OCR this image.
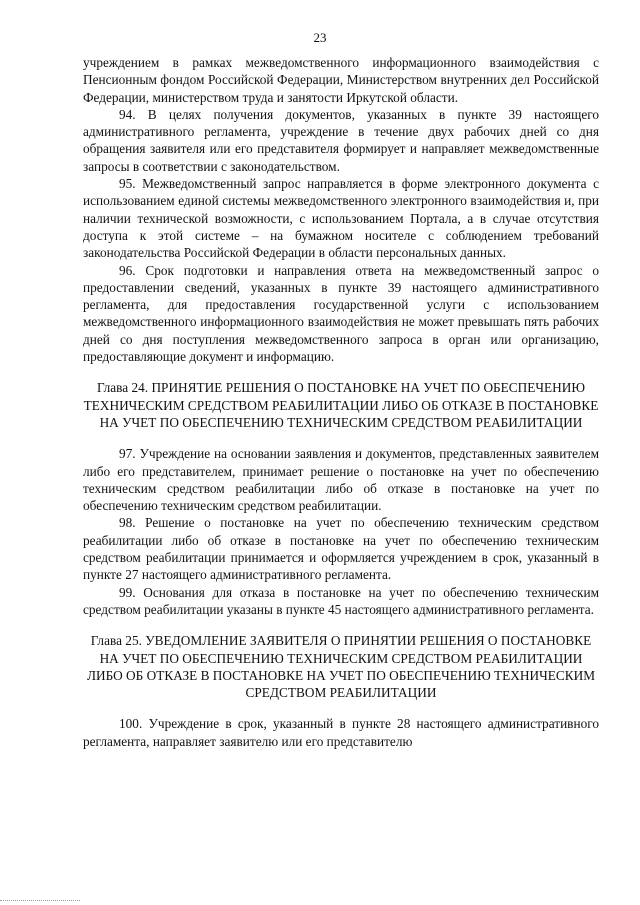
23

учреждением в рамках межведомственного информационного взаимодействия с Пенсионным фондом Российской Федерации, Министерством внутренних дел Российской Федерации, министерством труда и занятости Иркутской области.

94. В целях получения документов, указанных в пункте 39 настоящего административного регламента, учреждение в течение двух рабочих дней со дня обращения заявителя или его представителя формирует и направляет межведомственные запросы в соответствии с законодательством.

95. Межведомственный запрос направляется в форме электронного документа с использованием единой системы межведомственного электронного взаимодействия и, при наличии технической возможности, с использованием Портала, а в случае отсутствия доступа к этой системе – на бумажном носителе с соблюдением требований законодательства Российской Федерации в области персональных данных.

96. Срок подготовки и направления ответа на межведомственный запрос о предоставлении сведений, указанных в пункте 39 настоящего административного регламента, для предоставления государственной услуги с использованием межведомственного информационного взаимодействия не может превышать пять рабочих дней со дня поступления межведомственного запроса в орган или организацию, предоставляющие документ и информацию.

Глава 24. ПРИНЯТИЕ РЕШЕНИЯ О ПОСТАНОВКЕ НА УЧЕТ ПО ОБЕСПЕЧЕНИЮ ТЕХНИЧЕСКИМ СРЕДСТВОМ РЕАБИЛИТАЦИИ ЛИБО ОБ ОТКАЗЕ В ПОСТАНОВКЕ НА УЧЕТ ПО ОБЕСПЕЧЕНИЮ ТЕХНИЧЕСКИМ СРЕДСТВОМ РЕАБИЛИТАЦИИ

97. Учреждение на основании заявления и документов, представленных заявителем либо его представителем, принимает решение о постановке на учет по обеспечению техническим средством реабилитации либо об отказе в постановке на учет по обеспечению техническим средством реабилитации.

98. Решение о постановке на учет по обеспечению техническим средством реабилитации либо об отказе в постановке на учет по обеспечению техническим средством реабилитации принимается и оформляется учреждением в срок, указанный в пункте 27 настоящего административного регламента.

99. Основания для отказа в постановке на учет по обеспечению техническим средством реабилитации указаны в пункте 45 настоящего административного регламента.

Глава 25. УВЕДОМЛЕНИЕ ЗАЯВИТЕЛЯ О ПРИНЯТИИ РЕШЕНИЯ О ПОСТАНОВКЕ НА УЧЕТ ПО ОБЕСПЕЧЕНИЮ ТЕХНИЧЕСКИМ СРЕДСТВОМ РЕАБИЛИТАЦИИ ЛИБО ОБ ОТКАЗЕ В ПОСТАНОВКЕ НА УЧЕТ ПО ОБЕСПЕЧЕНИЮ ТЕХНИЧЕСКИМ СРЕДСТВОМ РЕАБИЛИТАЦИИ

100. Учреждение в срок, указанный в пункте 28 настоящего административного регламента, направляет заявителю или его представителю
